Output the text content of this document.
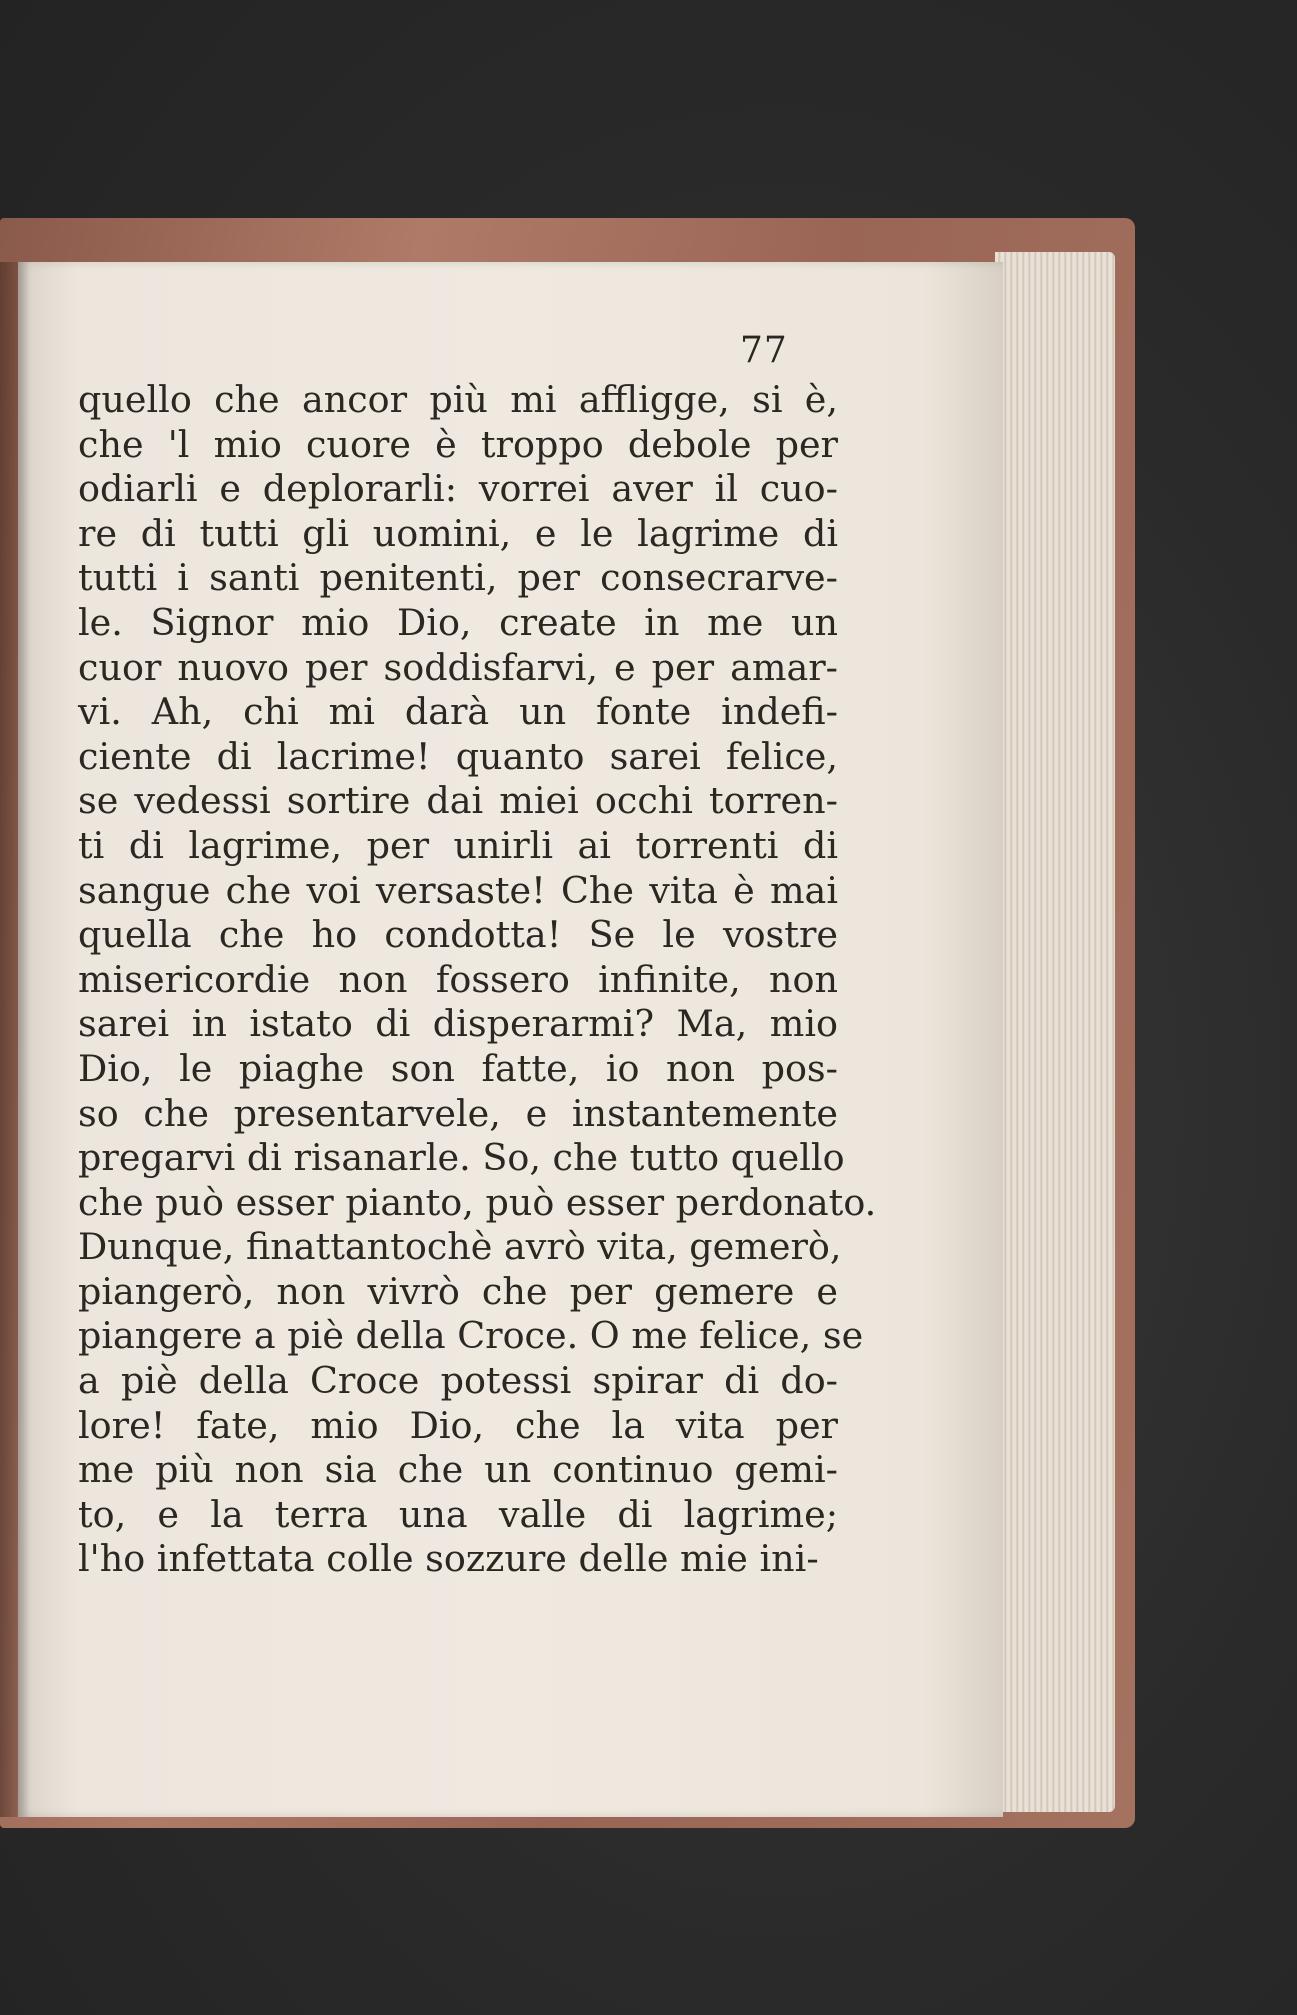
77
quello che ancor più mi affligge, si è,
che 'l mio cuore è troppo debole per
odiarli e deplorarli: vorrei aver il cuo-
re di tutti gli uomini, e le lagrime di
tutti i santi penitenti, per consecrarve-
le. Signor mio Dio, create in me un
cuor nuovo per soddisfarvi, e per amar-
vi. Ah, chi mi darà un fonte indefi-
ciente di lacrime! quanto sarei felice,
se vedessi sortire dai miei occhi torren-
ti di lagrime, per unirli ai torrenti di
sangue che voi versaste! Che vita è mai
quella che ho condotta! Se le vostre
misericordie non fossero infinite, non
sarei in istato di disperarmi? Ma, mio
Dio, le piaghe son fatte, io non pos-
so che presentarvele, e instantemente
pregarvi di risanarle. So, che tutto quello
che può esser pianto, può esser perdonato.
Dunque, finattantochè avrò vita, gemerò,
piangerò, non vivrò che per gemere e
piangere a piè della Croce. O me felice, se
a piè della Croce potessi spirar di do-
lore! fate, mio Dio, che la vita per
me più non sia che un continuo gemi-
to, e la terra una valle di lagrime;
l'ho infettata colle sozzure delle mie ini-
